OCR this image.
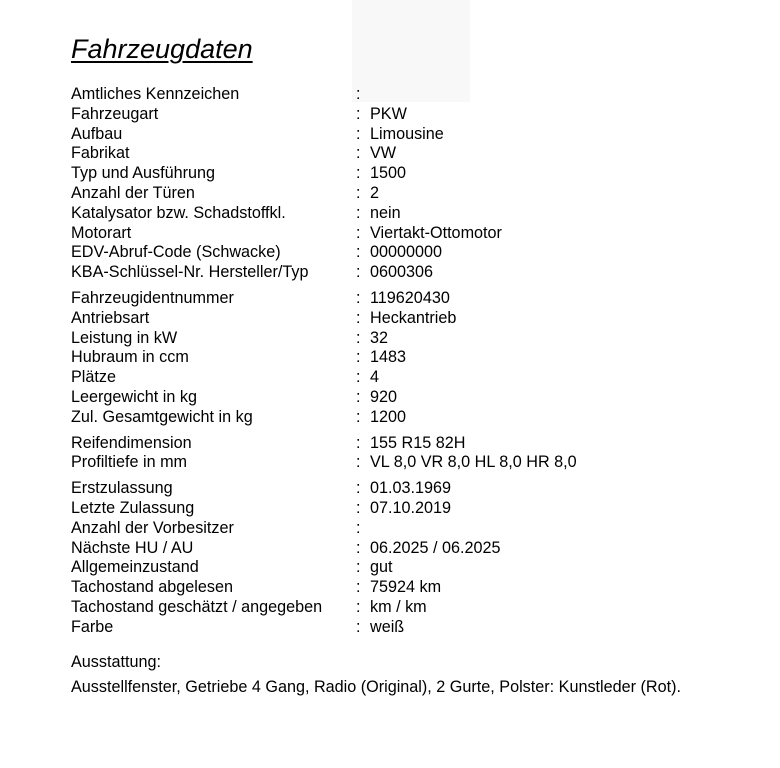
Fahrzeugdaten
Amtliches Kennzeichen	:
Fahrzeugart	: PKW
Aufbau	: Limousine
Fabrikat	: VW
Typ und Ausführung	: 1500
Anzahl der Türen	: 2
Katalysator bzw. Schadstoffkl.	: nein
Motorart	: Viertakt-Ottomotor
EDV-Abruf-Code (Schwacke)	: 00000000
KBA-Schlüssel-Nr. Hersteller/Typ	: 0600306
Fahrzeugidentnummer	: 119620430
Antriebsart	: Heckantrieb
Leistung in kW	: 32
Hubraum in ccm	: 1483
Plätze	: 4
Leergewicht in kg	: 920
Zul. Gesamtgewicht in kg	: 1200
Reifendimension	: 155 R15 82H
Profiltiefe in mm	: VL 8,0 VR 8,0 HL 8,0 HR 8,0
Erstzulassung	: 01.03.1969
Letzte Zulassung	: 07.10.2019
Anzahl der Vorbesitzer	:
Nächste HU / AU	: 06.2025 / 06.2025
Allgemeinzustand	: gut
Tachostand abgelesen	: 75924 km
Tachostand geschätzt / angegeben : km / km
Farbe	: weiß
Ausstattung:
Ausstellfenster, Getriebe 4 Gang, Radio (Original), 2 Gurte, Polster: Kunstleder (Rot).
